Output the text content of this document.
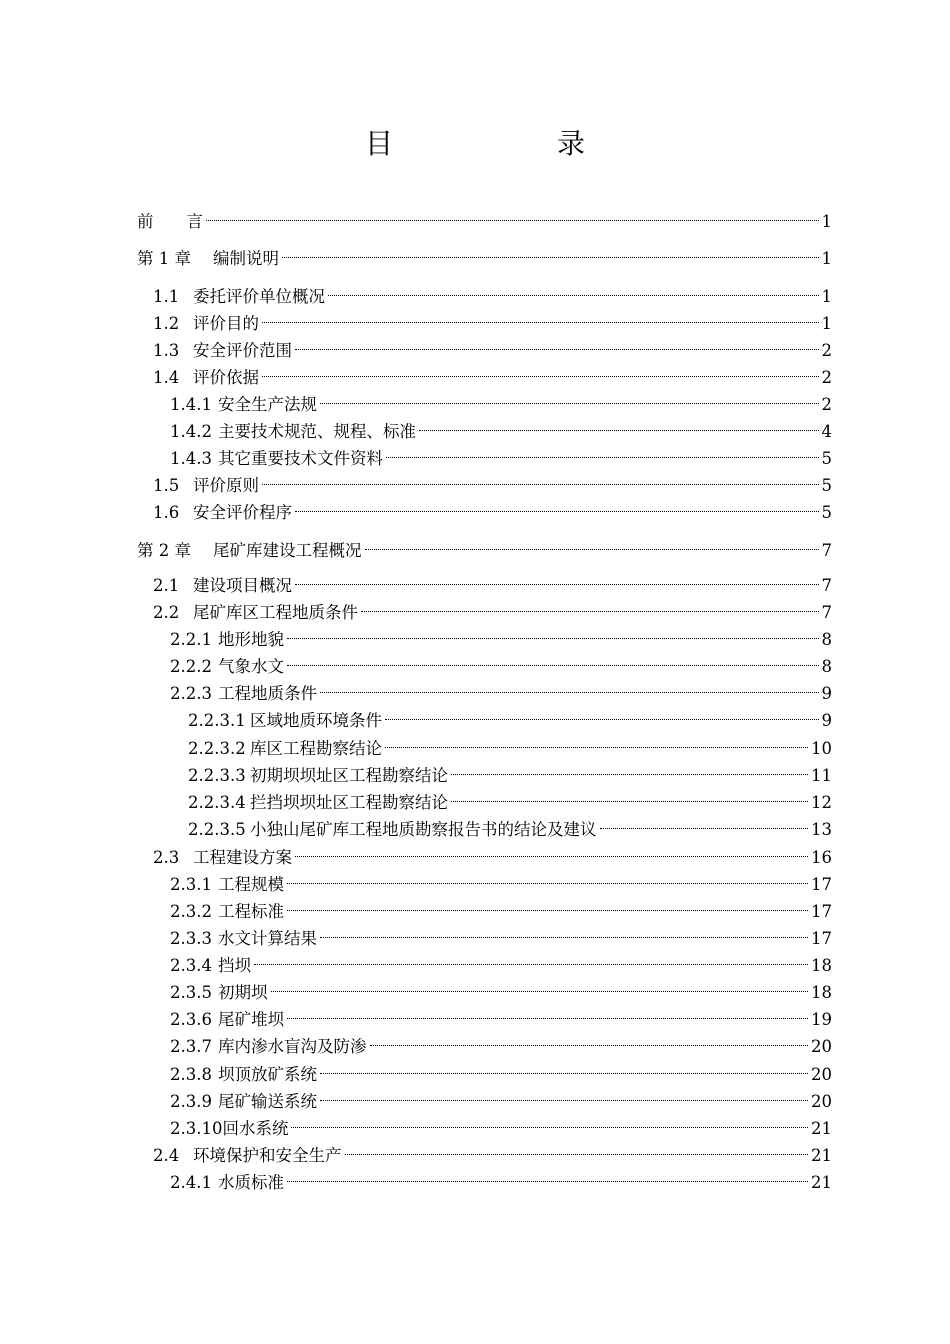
目　录
前　　言	1
第 1 章	编制说明	1
1.1 委托评价单位概况	1
1.2 评价目的	1
1.3 安全评价范围	2
1.4 评价依据	2
1.4.1 安全生产法规	2
1.4.2 主要技术规范、规程、标准	4
1.4.3 其它重要技术文件资料	5
1.5 评价原则	5
1.6 安全评价程序	5
第 2 章	尾矿库建设工程概况	7
2.1 建设项目概况	7
2.2 尾矿库区工程地质条件	7
2.2.1 地形地貌	8
2.2.2 气象水文	8
2.2.3 工程地质条件	9
2.2.3.1 区域地质环境条件	9
2.2.3.2 库区工程勘察结论	10
2.2.3.3 初期坝坝址区工程勘察结论	11
2.2.3.4 拦挡坝坝址区工程勘察结论	12
2.2.3.5 小独山尾矿库工程地质勘察报告书的结论及建议	13
2.3 工程建设方案	16
2.3.1 工程规模	17
2.3.2 工程标准	17
2.3.3 水文计算结果	17
2.3.4 挡坝	18
2.3.5 初期坝	18
2.3.6 尾矿堆坝	19
2.3.7 库内渗水盲沟及防渗	20
2.3.8 坝顶放矿系统	20
2.3.9 尾矿输送系统	20
2.3.10 回水系统	21
2.4 环境保护和安全生产	21
2.4.1 水质标准	21
